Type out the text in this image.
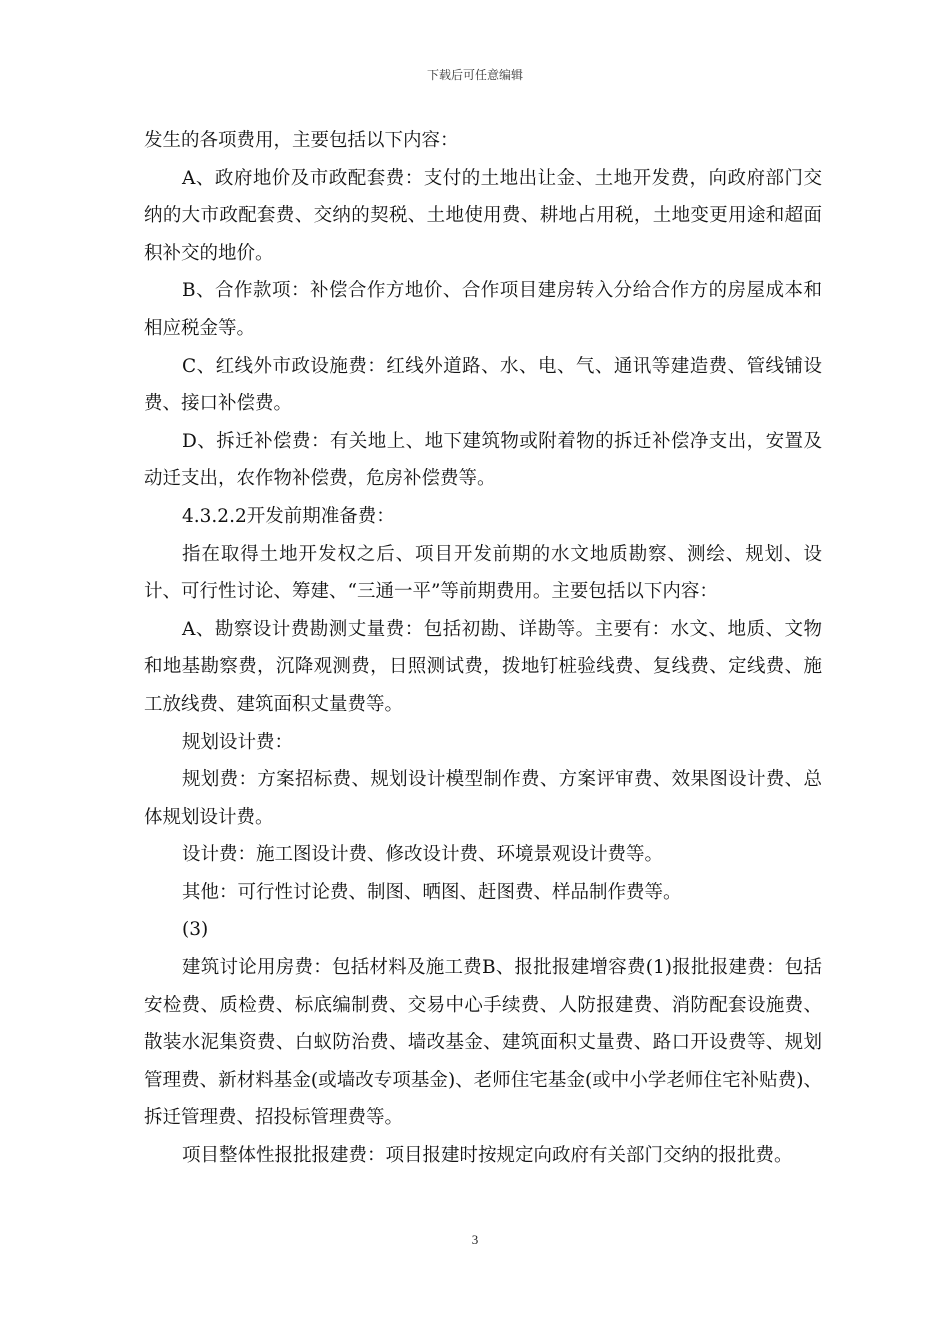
下载后可任意编辑

发生的各项费用，主要包括以下内容：

A、政府地价及市政配套费：支付的土地出让金、土地开发费，向政府部门交纳的大市政配套费、交纳的契税、土地使用费、耕地占用税，土地变更用途和超面积补交的地价。

B、合作款项：补偿合作方地价、合作项目建房转入分给合作方的房屋成本和相应税金等。

C、红线外市政设施费：红线外道路、水、电、气、通讯等建造费、管线铺设费、接口补偿费。

D、拆迁补偿费：有关地上、地下建筑物或附着物的拆迁补偿净支出，安置及动迁支出，农作物补偿费，危房补偿费等。

4.3.2.2开发前期准备费：

指在取得土地开发权之后、项目开发前期的水文地质勘察、测绘、规划、设计、可行性讨论、筹建、“三通一平”等前期费用。主要包括以下内容：

A、勘察设计费勘测丈量费：包括初勘、详勘等。主要有：水文、地质、文物和地基勘察费，沉降观测费，日照测试费，拨地钉桩验线费、复线费、定线费、施工放线费、建筑面积丈量费等。

规划设计费：

规划费：方案招标费、规划设计模型制作费、方案评审费、效果图设计费、总体规划设计费。

设计费：施工图设计费、修改设计费、环境景观设计费等。

其他：可行性讨论费、制图、晒图、赶图费、样品制作费等。

(3)

建筑讨论用房费：包括材料及施工费B、报批报建增容费(1)报批报建费：包括安检费、质检费、标底编制费、交易中心手续费、人防报建费、消防配套设施费、散装水泥集资费、白蚁防治费、墙改基金、建筑面积丈量费、路口开设费等、规划管理费、新材料基金(或墙改专项基金)、老师住宅基金(或中小学老师住宅补贴费)、拆迁管理费、招投标管理费等。

项目整体性报批报建费：项目报建时按规定向政府有关部门交纳的报批费。

3
